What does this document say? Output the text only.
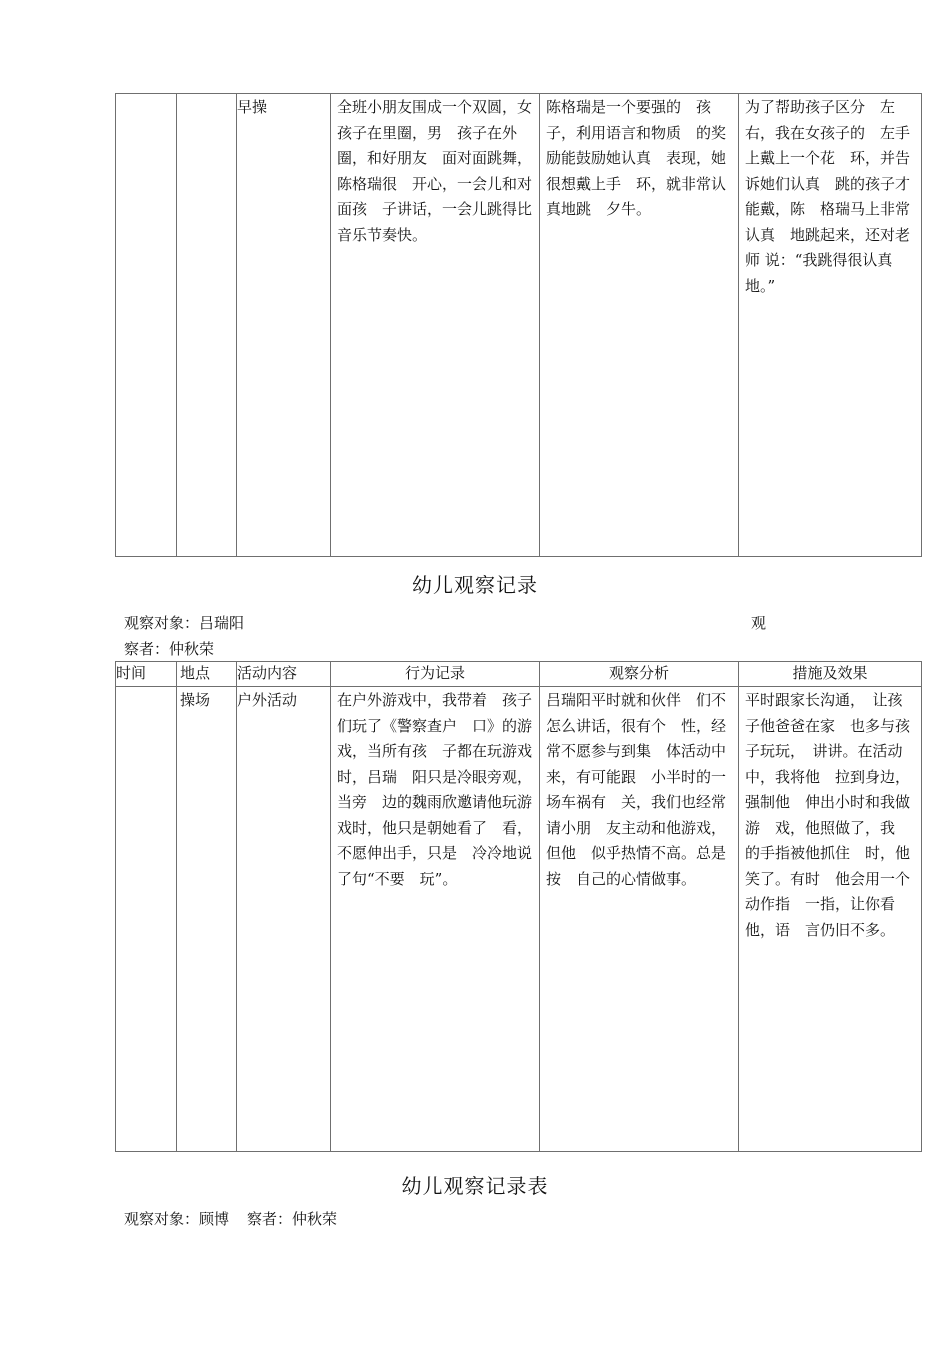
		早操	全班小朋友围成一个双圆，女孩子在里圈，男　孩子在外圈，和好朋友　面对面跳舞，陈格瑞很　开心，一会儿和对面孩　子讲话，一会儿跳得比　音乐节奏快。	陈格瑞是一个要强的　孩子，利用语言和物质　的奖励能鼓励她认真　表现，她很想戴上手　环，就非常认真地跳　夕牛。	为了帮助孩子区分　左右，我在女孩子的　左手上戴上一个花　环，并告诉她们认真　跳的孩子才能戴，陈　格瑞马上非常认真　地跳起来，还对老师 说：“我跳得很认真　地。”
幼儿观察记录
观察对象：吕瑞阳	观
察者：仲秋荣
时间	地点	活动内容	行为记录	观察分析	措施及效果
	操场	户外活动	在户外游戏中，我带着　孩子们玩了《警察查户　口》的游戏，当所有孩　子都在玩游戏时，吕瑞　阳只是冷眼旁观，当旁　边的魏雨欣邀请他玩游　戏时，他只是朝她看了　看，不愿伸出手，只是　冷冷地说了句“不要　玩”。	吕瑞阳平时就和伙伴　们不怎么讲话，很有个　性，经常不愿参与到集　体活动中来，有可能跟　小半时的一场车祸有　关，我们也经常请小朋　友主动和他游戏，但他　似乎热情不高。总是按　自己的心情做事。	平时跟家长沟通，　让孩子他爸爸在家　也多与孩子玩玩，　讲讲。在活动中，我将他　拉到身边，强制他　伸出小时和我做游　戏，他照做了，我　的手指被他抓住　时，他笑了。有时　他会用一个动作指　一指，让你看他，语　言仍旧不多。
幼儿观察记录表
观察对象：顾博 察者：仲秋荣
